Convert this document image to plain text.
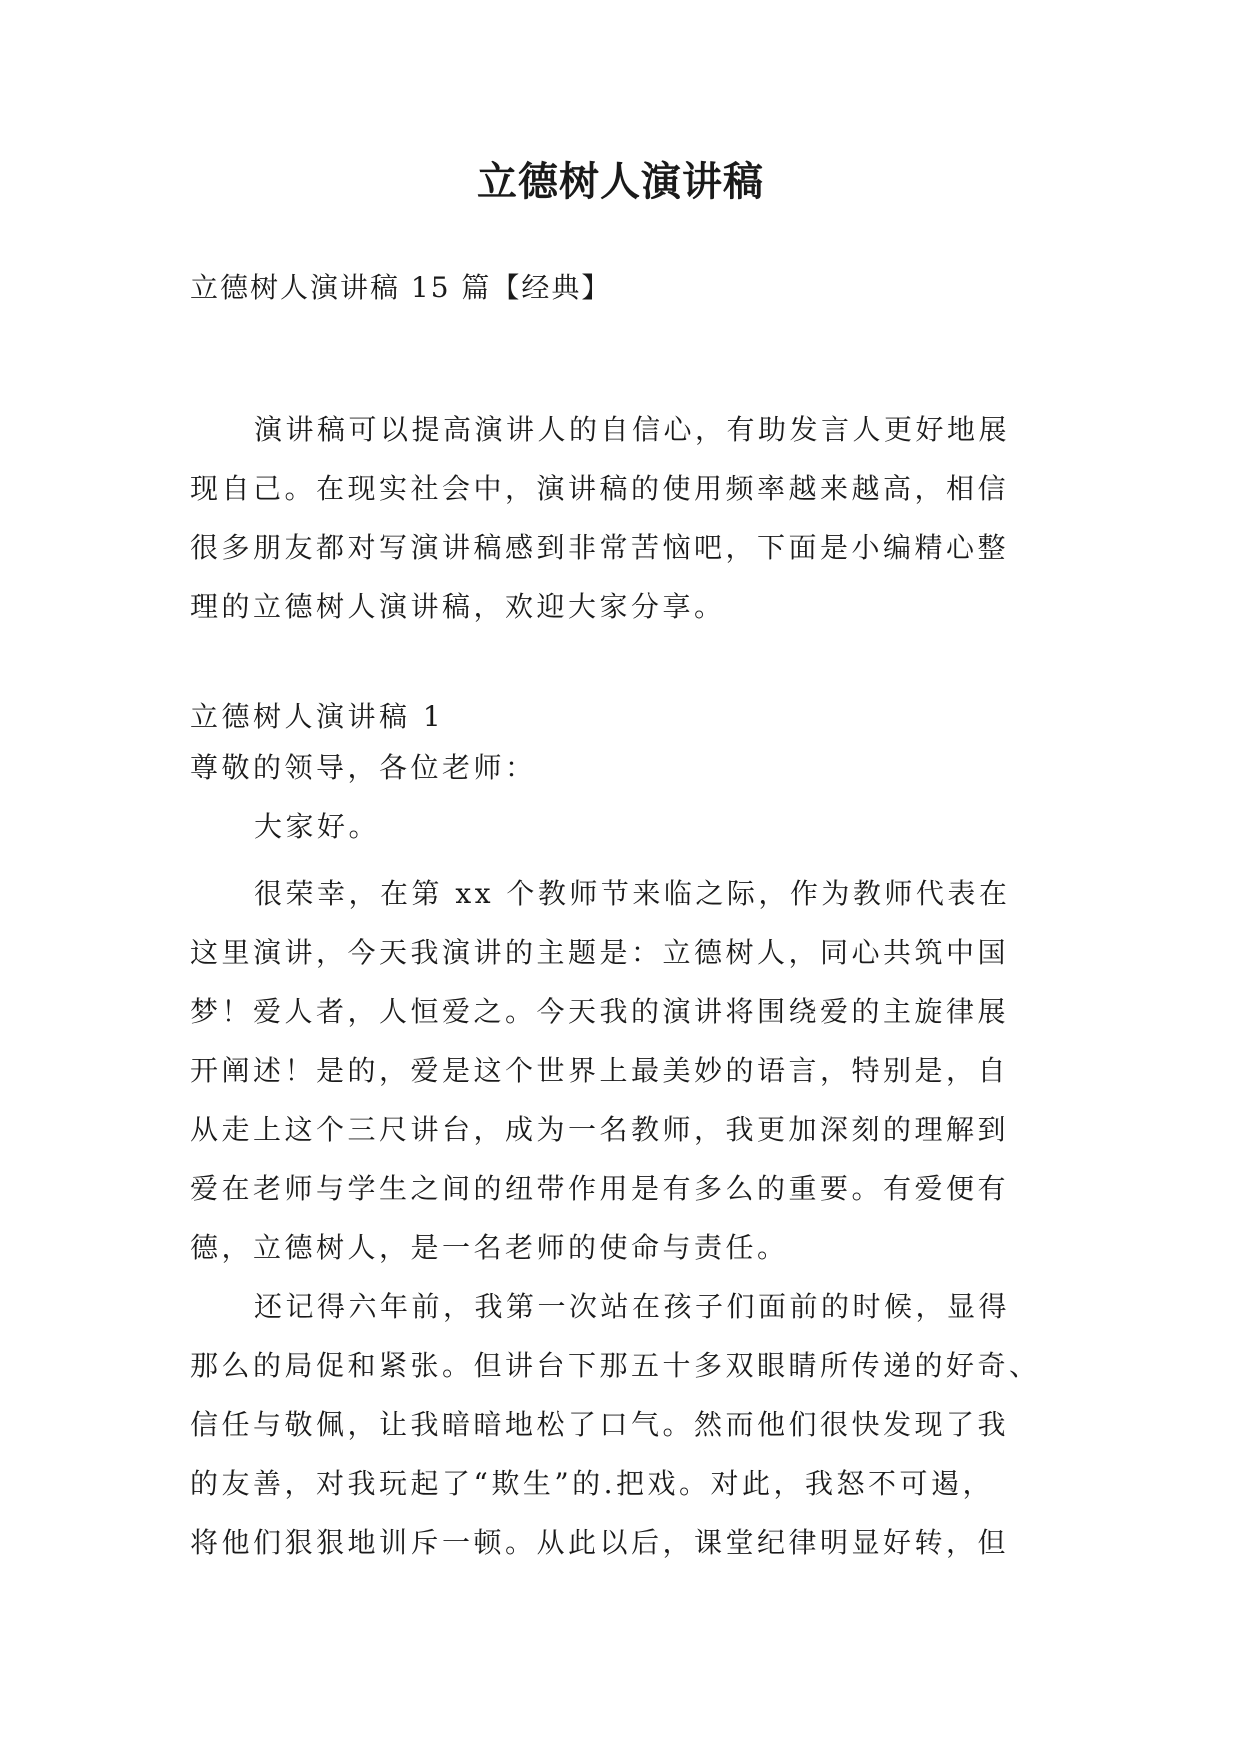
立德树人演讲稿
立德树人演讲稿 15 篇【经典】
演讲稿可以提高演讲人的自信心，有助发言人更好地展
现自己。在现实社会中，演讲稿的使用频率越来越高，相信
很多朋友都对写演讲稿感到非常苦恼吧，下面是小编精心整
理的立德树人演讲稿，欢迎大家分享。
立德树人演讲稿 1
尊敬的领导，各位老师：
大家好。
很荣幸，在第 xx 个教师节来临之际，作为教师代表在
这里演讲，今天我演讲的主题是：立德树人，同心共筑中国
梦！爱人者，人恒爱之。今天我的演讲将围绕爱的主旋律展
开阐述！是的，爱是这个世界上最美妙的语言，特别是，自
从走上这个三尺讲台，成为一名教师，我更加深刻的理解到
爱在老师与学生之间的纽带作用是有多么的重要。有爱便有
德，立德树人，是一名老师的使命与责任。
还记得六年前，我第一次站在孩子们面前的时候，显得
那么的局促和紧张。但讲台下那五十多双眼睛所传递的好奇、
信任与敬佩，让我暗暗地松了口气。然而他们很快发现了我
的友善，对我玩起了“欺生”的.把戏。对此，我怒不可遏，
将他们狠狠地训斥一顿。从此以后，课堂纪律明显好转，但
